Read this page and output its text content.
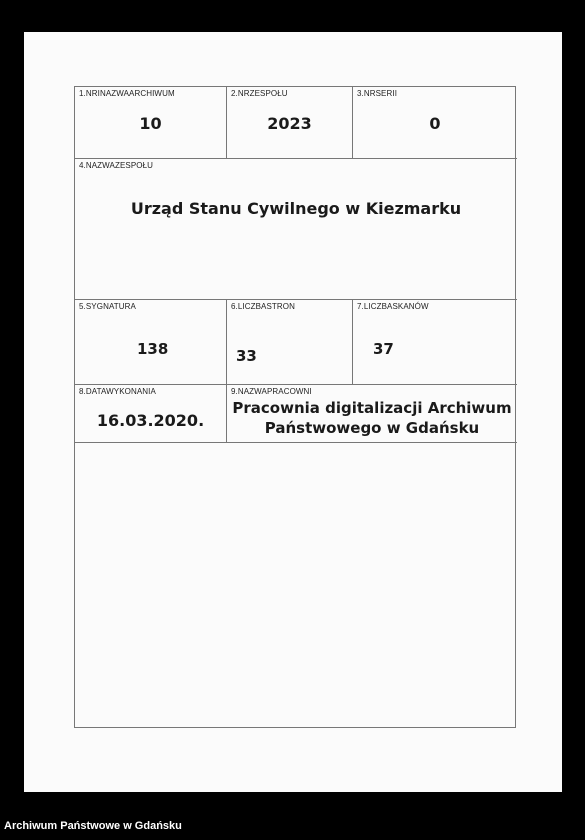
1.NRINAZWAARCHIWUM
10
2.NRZESPOŁU
2023
3.NRSERII
0
4.NAZWAZESPOŁU
Urząd Stanu Cywilnego w Kiezmarku
5.SYGNATURA
138
6.LICZBASTRON
33
7.LICZBASKANÓW
37
8.DATAWYKONANIA
16.03.2020.
9.NAZWAPRACOWNI
Pracownia digitalizacji Archiwum
Państwowego w Gdańsku
Archiwum Państwowe w Gdańsku
